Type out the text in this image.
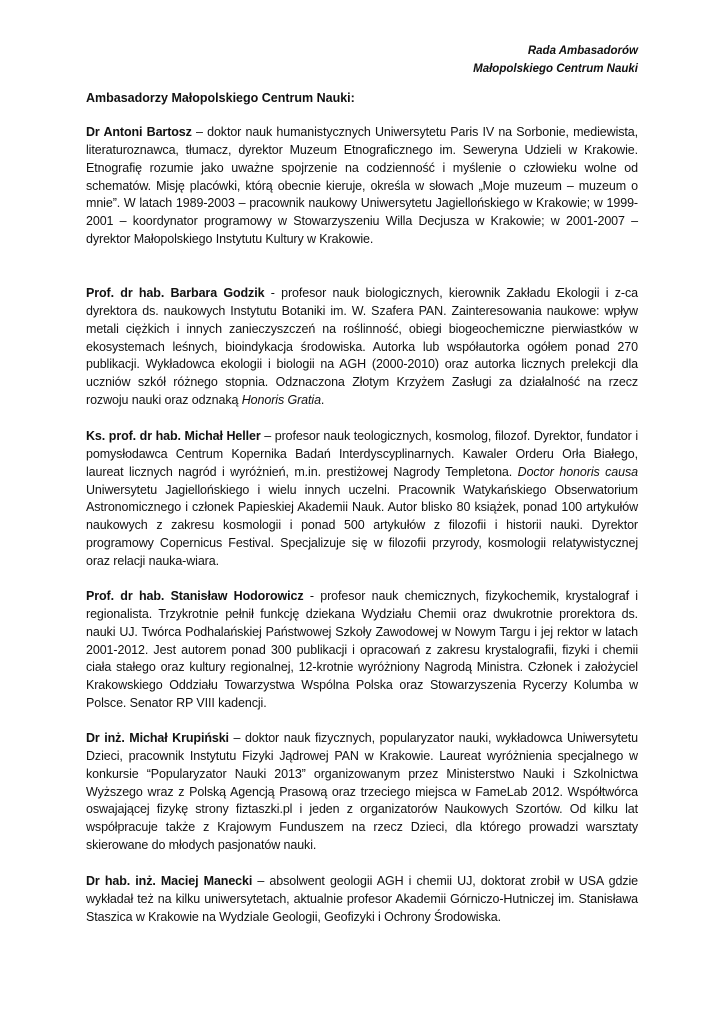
Rada Ambasadorów
Małopolskiego Centrum Nauki
Ambasadorzy Małopolskiego Centrum Nauki:
Dr Antoni Bartosz – doktor nauk humanistycznych Uniwersytetu Paris IV na Sorbonie, mediewista, literaturoznawca, tłumacz, dyrektor Muzeum Etnograficznego im. Seweryna Udzieli w Krakowie. Etnografię rozumie jako uważne spojrzenie na codzienność i myślenie o człowieku wolne od schematów. Misję placówki, którą obecnie kieruje, określa w słowach „Moje muzeum – muzeum o mnie”. W latach 1989-2003 – pracownik naukowy Uniwersytetu Jagiellońskiego w Krakowie; w 1999-2001 – koordynator programowy w Stowarzyszeniu Willa Decjusza w Krakowie; w 2001-2007 – dyrektor Małopolskiego Instytutu Kultury w Krakowie.
Prof. dr hab. Barbara Godzik - profesor nauk biologicznych, kierownik Zakładu Ekologii i z-ca dyrektora ds. naukowych Instytutu Botaniki im. W. Szafera PAN. Zainteresowania naukowe: wpływ metali ciężkich i innych zanieczyszczeń na roślinność, obiegi biogeochemiczne pierwiastków w ekosystemach leśnych, bioindykacja środowiska. Autorka lub współautorka ogółem ponad 270 publikacji. Wykładowca ekologii i biologii na AGH (2000-2010) oraz autorka licznych prelekcji dla uczniów szkół różnego stopnia. Odznaczona Złotym Krzyżem Zasługi za działalność na rzecz rozwoju nauki oraz odznaką Honoris Gratia.
Ks. prof. dr hab. Michał Heller – profesor nauk teologicznych, kosmolog, filozof. Dyrektor, fundator i pomysłodawca Centrum Kopernika Badań Interdyscyplinarnych. Kawaler Orderu Orła Białego, laureat licznych nagród i wyróżnień, m.in. prestiżowej Nagrody Templetona. Doctor honoris causa Uniwersytetu Jagiellońskiego i wielu innych uczelni. Pracownik Watykańskiego Obserwatorium Astronomicznego i członek Papieskiej Akademii Nauk. Autor blisko 80 książek, ponad 100 artykułów naukowych z zakresu kosmologii i ponad 500 artykułów z filozofii i historii nauki. Dyrektor programowy Copernicus Festival. Specjalizuje się w filozofii przyrody, kosmologii relatywistycznej oraz relacji nauka-wiara.
Prof. dr hab. Stanisław Hodorowicz - profesor nauk chemicznych, fizykochemik, krystalograf i regionalista. Trzykrotnie pełnił funkcję dziekana Wydziału Chemii oraz dwukrotnie prorektora ds. nauki UJ. Twórca Podhalańskiej Państwowej Szkoły Zawodowej w Nowym Targu i jej rektor w latach 2001-2012. Jest autorem ponad 300 publikacji i opracowań z zakresu krystalografii, fizyki i chemii ciała stałego oraz kultury regionalnej, 12-krotnie wyróżniony Nagrodą Ministra. Członek i założyciel Krakowskiego Oddziału Towarzystwa Wspólna Polska oraz Stowarzyszenia Rycerzy Kolumba w Polsce. Senator RP VIII kadencji.
Dr inż. Michał Krupiński – doktor nauk fizycznych, popularyzator nauki, wykładowca Uniwersytetu Dzieci, pracownik Instytutu Fizyki Jądrowej PAN w Krakowie. Laureat wyróżnienia specjalnego w konkursie “Popularyzator Nauki 2013” organizowanym przez Ministerstwo Nauki i Szkolnictwa Wyższego wraz z Polską Agencją Prasową oraz trzeciego miejsca w FameLab 2012. Współtwórca oswajającej fizykę strony fiztaszki.pl i jeden z organizatorów Naukowych Szortów. Od kilku lat współpracuje także z Krajowym Funduszem na rzecz Dzieci, dla którego prowadzi warsztaty skierowane do młodych pasjonatów nauki.
Dr hab. inż. Maciej Manecki – absolwent geologii AGH i chemii UJ, doktorat zrobił w USA gdzie wykładał też na kilku uniwersytetach, aktualnie profesor Akademii Górniczo-Hutniczej im. Stanisława Staszica w Krakowie na Wydziale Geologii, Geofizyki i Ochrony Środowiska.
